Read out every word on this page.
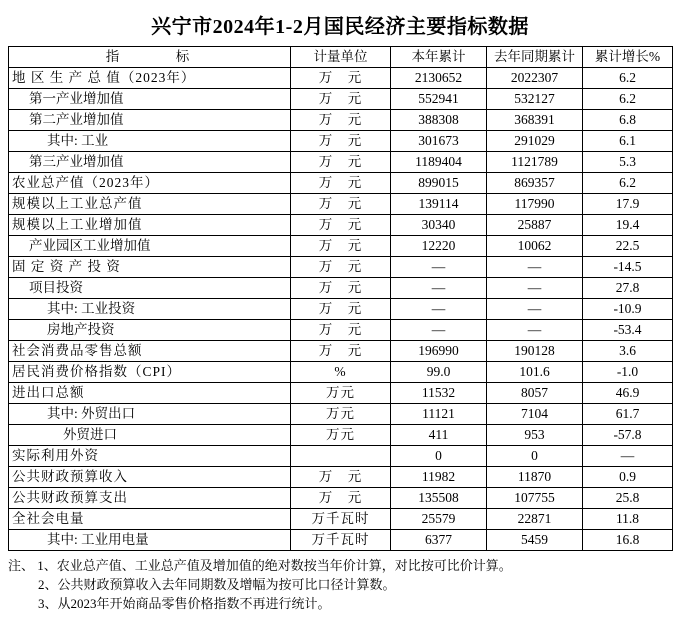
兴宁市2024年1-2月国民经济主要指标数据
指　　　标	计量单位	本年累计	去年同期累计	累计增长%
地 区 生 产 总 值（2023年）	万　元	2130652	2022307	6.2
第一产业增加值	万　元	552941	532127	6.2
第二产业增加值	万　元	388308	368391	6.8
其中: 工业	万　元	301673	291029	6.1
第三产业增加值	万　元	1189404	1121789	5.3
农业总产值（2023年）	万　元	899015	869357	6.2
规模以上工业总产值	万　元	139114	117990	17.9
规模以上工业增加值	万　元	30340	25887	19.4
产业园区工业增加值	万　元	12220	10062	22.5
固 定 资 产 投 资	万　元	—	—	-14.5
项目投资	万　元	—	—	27.8
其中: 工业投资	万　元	—	—	-10.9
房地产投资	万　元	—	—	-53.4
社会消费品零售总额	万　元	196990	190128	3.6
居民消费价格指数（CPI）	%	99.0	101.6	-1.0
进出口总额	万元	11532	8057	46.9
其中: 外贸出口	万元	11121	7104	61.7
外贸进口	万元	411	953	-57.8
实际利用外资		0	0	—
公共财政预算收入	万　元	11982	11870	0.9
公共财政预算支出	万　元	135508	107755	25.8
全社会电量	万千瓦时	25579	22871	11.8
其中: 工业用电量	万千瓦时	6377	5459	16.8
注、 1、农业总产值、工业总产值及增加值的绝对数按当年价计算，对比按可比价计算。
2、公共财政预算收入去年同期数及增幅为按可比口径计算数。
3、从2023年开始商品零售价格指数不再进行统计。
